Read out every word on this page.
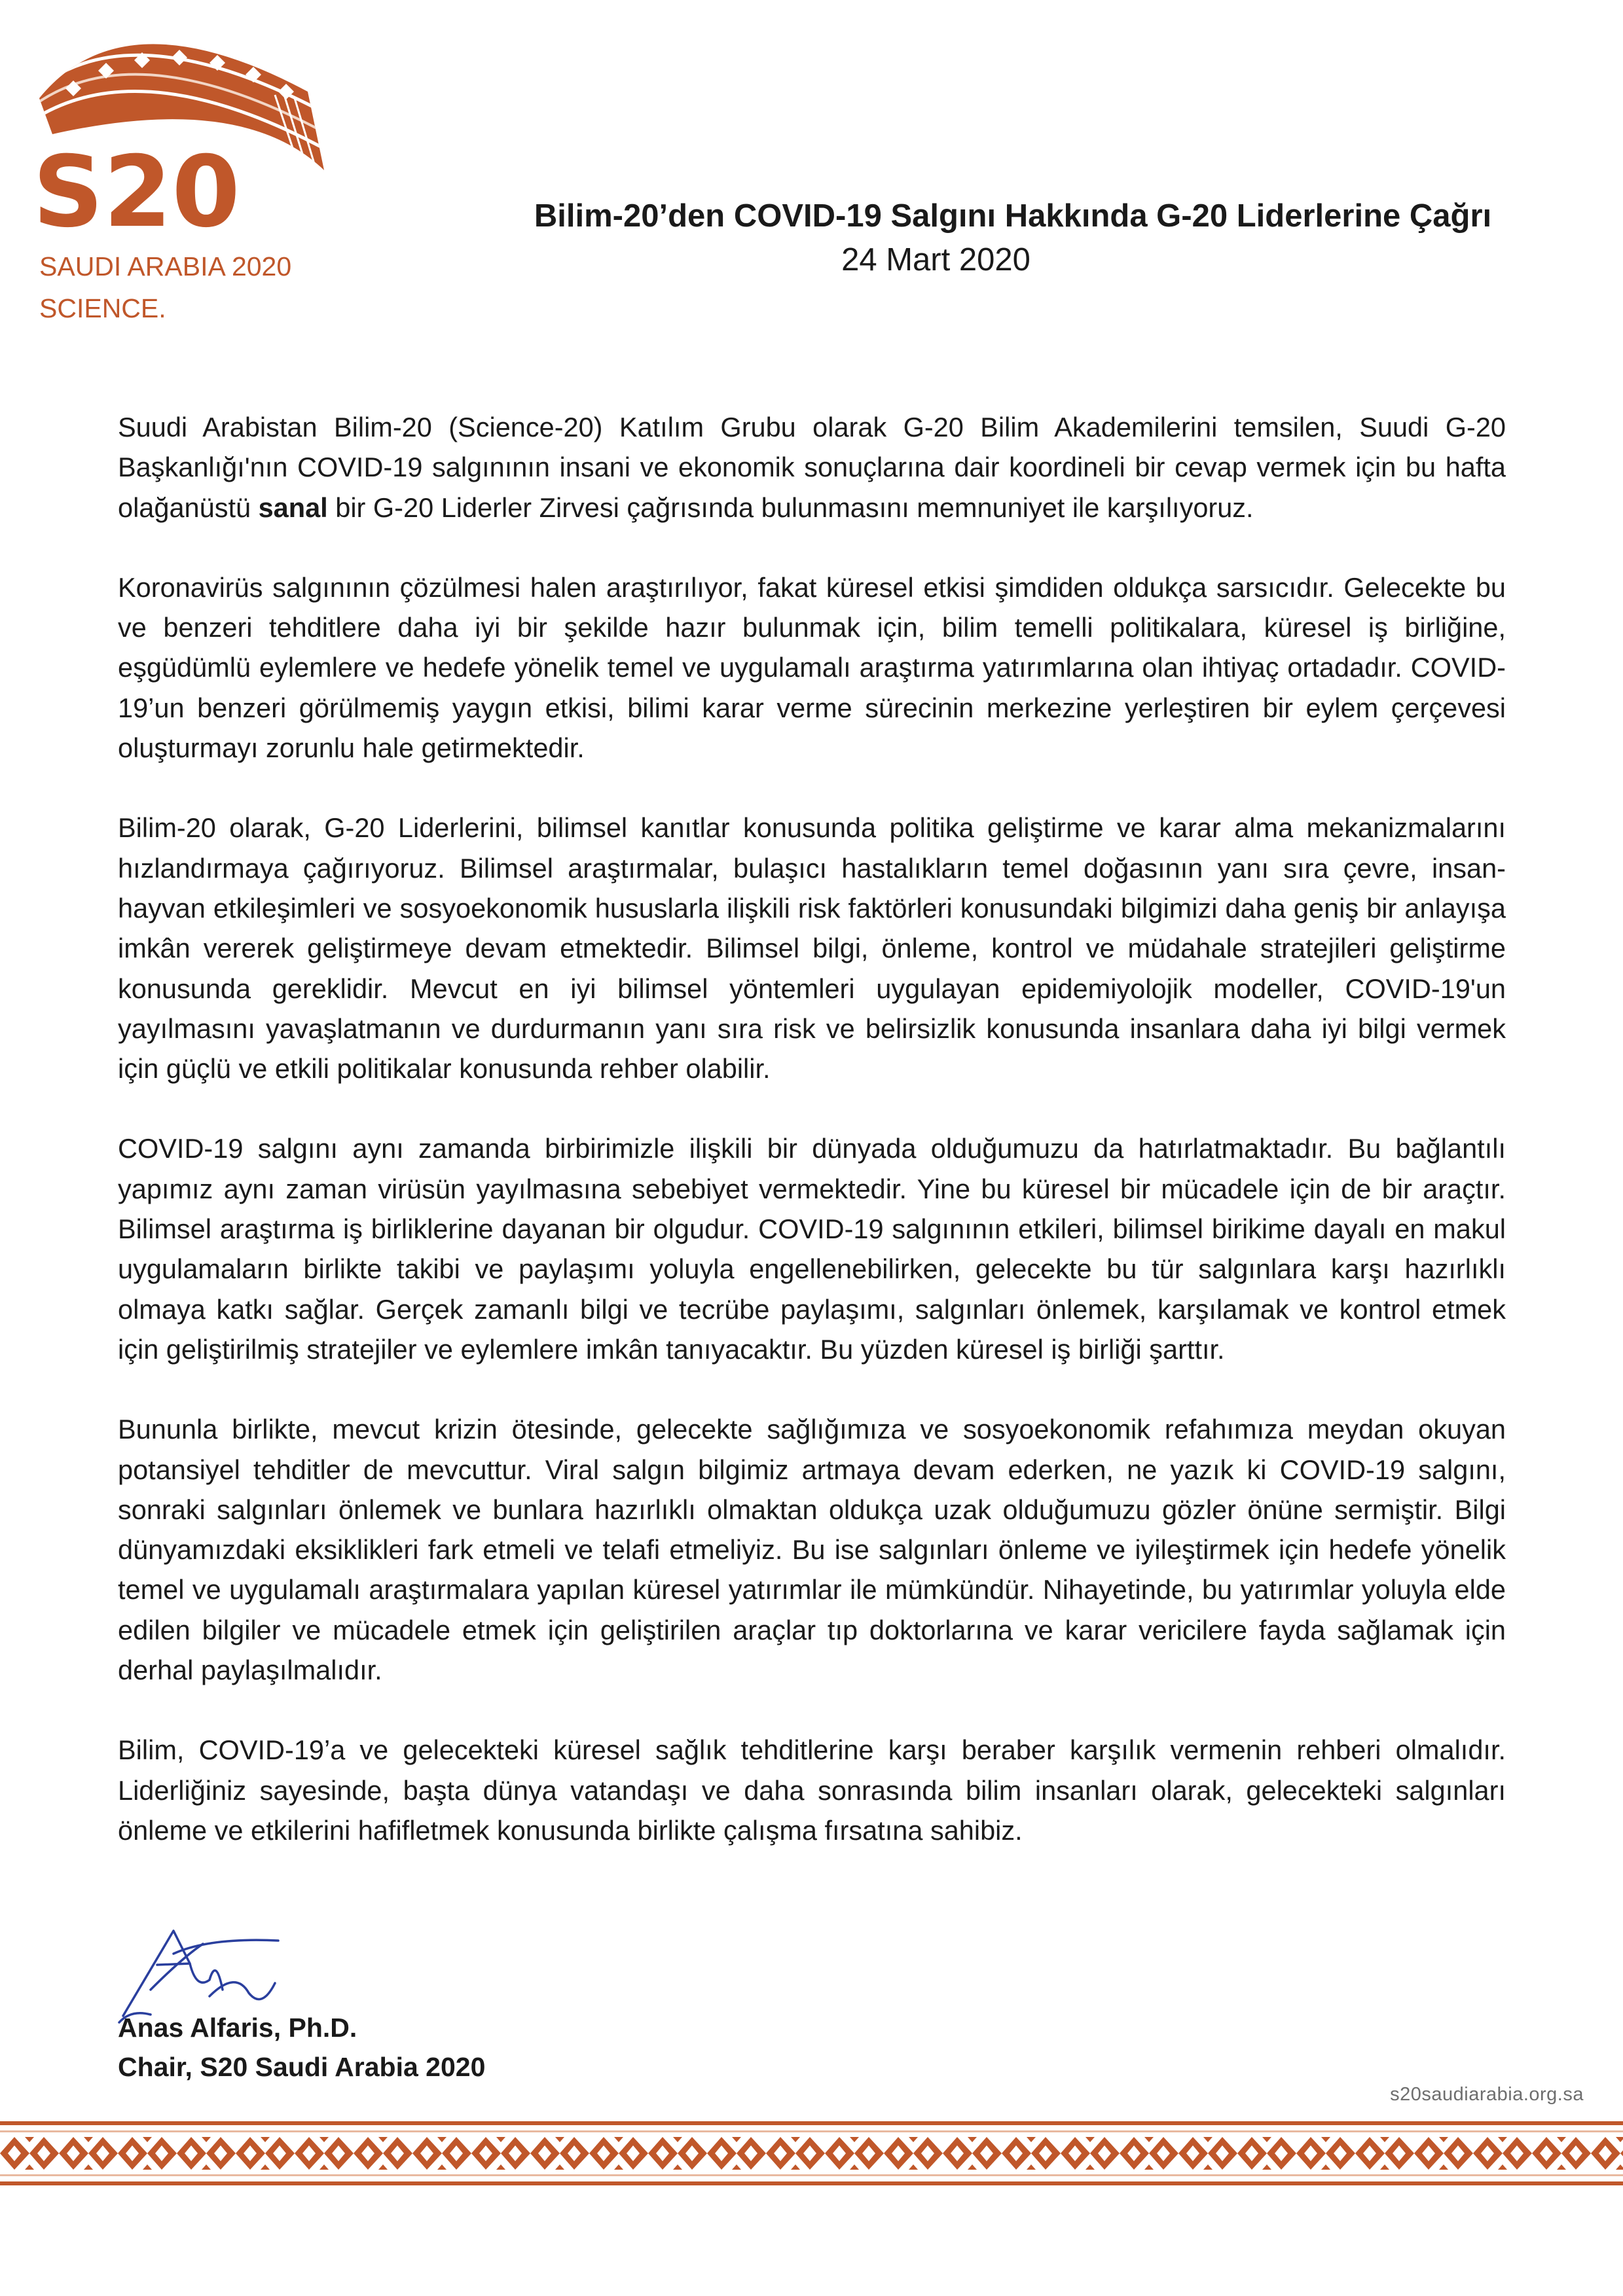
S20
SAUDI ARABIA 2020
SCIENCE.
Bilim-20’den COVID-19 Salgını Hakkında G-20 Liderlerine Çağrı
24 Mart 2020

Suudi Arabistan Bilim-20 (Science-20) Katılım Grubu olarak G-20 Bilim Akademilerini temsilen, Suudi G-20 Başkanlığı'nın COVID-19 salgınının insani ve ekonomik sonuçlarına dair koordineli bir cevap vermek için bu hafta olağanüstü sanal bir G-20 Liderler Zirvesi çağrısında bulunmasını memnuniyet ile karşılıyoruz.

Koronavirüs salgınının çözülmesi halen araştırılıyor, fakat küresel etkisi şimdiden oldukça sarsıcıdır. Gelecekte bu ve benzeri tehditlere daha iyi bir şekilde hazır bulunmak için, bilim temelli politikalara, küresel iş birliğine, eşgüdümlü eylemlere ve hedefe yönelik temel ve uygulamalı araştırma yatırımlarına olan ihtiyaç ortadadır. COVID-19’un benzeri görülmemiş yaygın etkisi, bilimi karar verme sürecinin merkezine yerleştiren bir eylem çerçevesi oluşturmayı zorunlu hale getirmektedir.

Bilim-20 olarak, G-20 Liderlerini, bilimsel kanıtlar konusunda politika geliştirme ve karar alma mekanizmalarını hızlandırmaya çağırıyoruz. Bilimsel araştırmalar, bulaşıcı hastalıkların temel doğasının yanı sıra çevre, insan-hayvan etkileşimleri ve sosyoekonomik hususlarla ilişkili risk faktörleri konusundaki bilgimizi daha geniş bir anlayışa imkân vererek geliştirmeye devam etmektedir. Bilimsel bilgi, önleme, kontrol ve müdahale stratejileri geliştirme konusunda gereklidir. Mevcut en iyi bilimsel yöntemleri uygulayan epidemiyolojik modeller, COVID-19'un yayılmasını yavaşlatmanın ve durdurmanın yanı sıra risk ve belirsizlik konusunda insanlara daha iyi bilgi vermek için güçlü ve etkili politikalar konusunda rehber olabilir.

COVID-19 salgını aynı zamanda birbirimizle ilişkili bir dünyada olduğumuzu da hatırlatmaktadır. Bu bağlantılı yapımız aynı zaman virüsün yayılmasına sebebiyet vermektedir. Yine bu küresel bir mücadele için de bir araçtır. Bilimsel araştırma iş birliklerine dayanan bir olgudur. COVID-19 salgınının etkileri, bilimsel birikime dayalı en makul uygulamaların birlikte takibi ve paylaşımı yoluyla engellenebilirken, gelecekte bu tür salgınlara karşı hazırlıklı olmaya katkı sağlar. Gerçek zamanlı bilgi ve tecrübe paylaşımı, salgınları önlemek, karşılamak ve kontrol etmek için geliştirilmiş stratejiler ve eylemlere imkân tanıyacaktır. Bu yüzden küresel iş birliği şarttır.

Bununla birlikte, mevcut krizin ötesinde, gelecekte sağlığımıza ve sosyoekonomik refahımıza meydan okuyan potansiyel tehditler de mevcuttur. Viral salgın bilgimiz artmaya devam ederken, ne yazık ki COVID-19 salgını, sonraki salgınları önlemek ve bunlara hazırlıklı olmaktan oldukça uzak olduğumuzu gözler önüne sermiştir. Bilgi dünyamızdaki eksiklikleri fark etmeli ve telafi etmeliyiz. Bu ise salgınları önleme ve iyileştirmek için hedefe yönelik temel ve uygulamalı araştırmalara yapılan küresel yatırımlar ile mümkündür. Nihayetinde, bu yatırımlar yoluyla elde edilen bilgiler ve mücadele etmek için geliştirilen araçlar tıp doktorlarına ve karar vericilere fayda sağlamak için derhal paylaşılmalıdır.

Bilim, COVID-19’a ve gelecekteki küresel sağlık tehditlerine karşı beraber karşılık vermenin rehberi olmalıdır. Liderliğiniz sayesinde, başta dünya vatandaşı ve daha sonrasında bilim insanları olarak, gelecekteki salgınları önleme ve etkilerini hafifletmek konusunda birlikte çalışma fırsatına sahibiz.

Anas Alfaris, Ph.D.
Chair, S20 Saudi Arabia 2020
s20saudiarabia.org.sa
